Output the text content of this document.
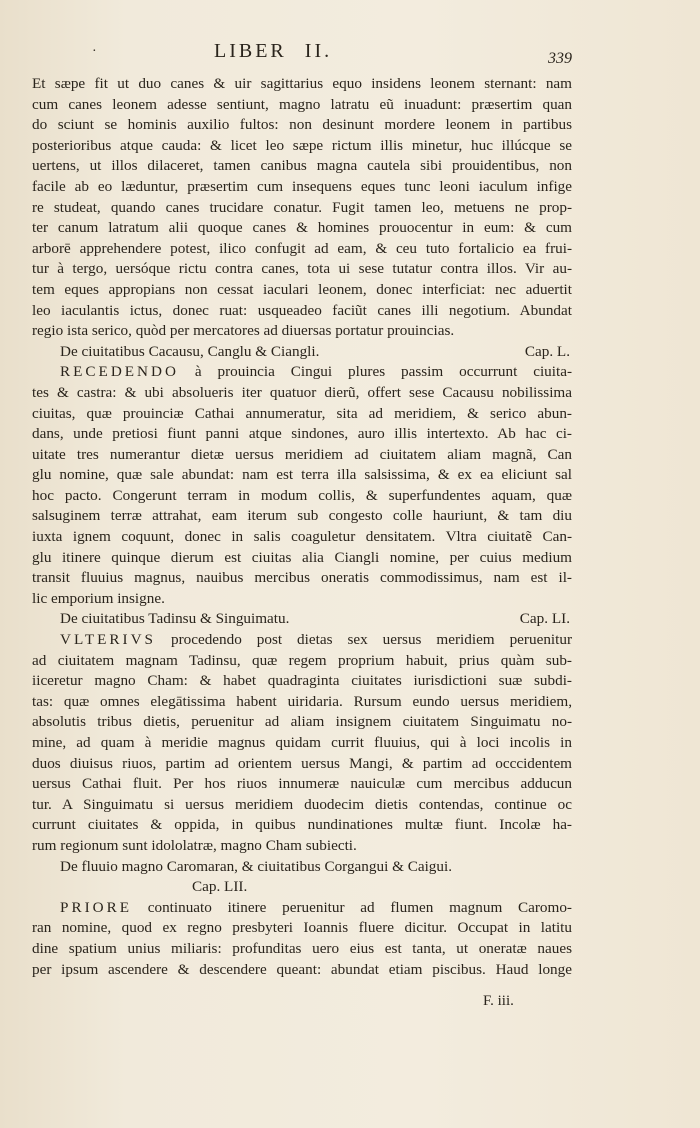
·	LIBER II.	339
Et sæpe fit ut duo canes & uir sagittarius equo insidens leonem sternant: nam
cum canes leonem adesse sentiunt, magno latratu eũ inuadunt: præsertim quan
do sciunt se hominis auxilio fultos: non desinunt mordere leonem in partibus
posterioribus atque cauda: & licet leo sæpe rictum illis minetur, huc illúcque se
uertens, ut illos dilaceret, tamen canibus magna cautela sibi prouidentibus, non
facile ab eo læduntur, præsertim cum insequens eques tunc leoni iaculum infige
re studeat, quando canes trucidare conatur. Fugit tamen leo, metuens ne prop-
ter canum latratum alii quoque canes & homines prouocentur in eum: & cum
arborē apprehendere potest, ilico confugit ad eam, & ceu tuto fortalicio ea frui-
tur à tergo, uersóque rictu contra canes, tota ui sese tutatur contra illos. Vir au-
tem eques appropians non cessat iaculari leonem, donec interficiat: nec aduertit
leo iaculantis ictus, donec ruat: usqueadeo faciũt canes illi negotium. Abundat
regio ista serico, quòd per mercatores ad diuersas portatur prouincias.
De ciuitatibus Cacausu, Canglu & Ciangli.	Cap. L.
RECEDENDO à prouincia Cingui plures passim occurrunt ciuita-
tes & castra: & ubi absolueris iter quatuor dierũ, offert sese Cacausu nobilissima
ciuitas, quæ prouinciæ Cathai annumeratur, sita ad meridiem, & serico abun-
dans, unde pretiosi fiunt panni atque sindones, auro illis intertexto. Ab hac ci-
uitate tres numerantur dietæ uersus meridiem ad ciuitatem aliam magnã, Can
glu nomine, quæ sale abundat: nam est terra illa salsissima, & ex ea eliciunt sal
hoc pacto. Congerunt terram in modum collis, & superfundentes aquam, quæ
salsuginem terræ attrahat, eam iterum sub congesto colle hauriunt, & tam diu
iuxta ignem coquunt, donec in salis coaguletur densitatem. Vltra ciuitatẽ Can-
glu itinere quinque dierum est ciuitas alia Ciangli nomine, per cuius medium
transit fluuius magnus, nauibus mercibus oneratis commodissimus, nam est il-
lic emporium insigne.
De ciuitatibus Tadinsu & Singuimatu.	Cap. LI.
VLTERIVS procedendo post dietas sex uersus meridiem peruenitur
ad ciuitatem magnam Tadinsu, quæ regem proprium habuit, prius quàm sub-
iiceretur magno Cham: & habet quadraginta ciuitates iurisdictioni suæ subdi-
tas: quæ omnes elegātissima habent uiridaria. Rursum eundo uersus meridiem,
absolutis tribus dietis, peruenitur ad aliam insignem ciuitatem Singuimatu no-
mine, ad quam à meridie magnus quidam currit fluuius, qui à loci incolis in
duos diuisus riuos, partim ad orientem uersus Mangi, & partim ad occcidentem
uersus Cathai fluit. Per hos riuos innumeræ nauiculæ cum mercibus adducun
tur. A Singuimatu si uersus meridiem duodecim dietis contendas, continue oc
currunt ciuitates & oppida, in quibus nundinationes multæ fiunt. Incolæ ha-
rum regionum sunt idololatræ, magno Cham subiecti.
De fluuio magno Caromaran, & ciuitatibus Corgangui & Caigui.
Cap. LII.
PRIORE continuato itinere peruenitur ad flumen magnum Caromo-
ran nomine, quod ex regno presbyteri Ioannis fluere dicitur. Occupat in latitu
dine spatium unius miliaris: profunditas uero eius est tanta, ut oneratæ naues
per ipsum ascendere & descendere queant: abundat etiam piscibus. Haud longe
F. iii.
